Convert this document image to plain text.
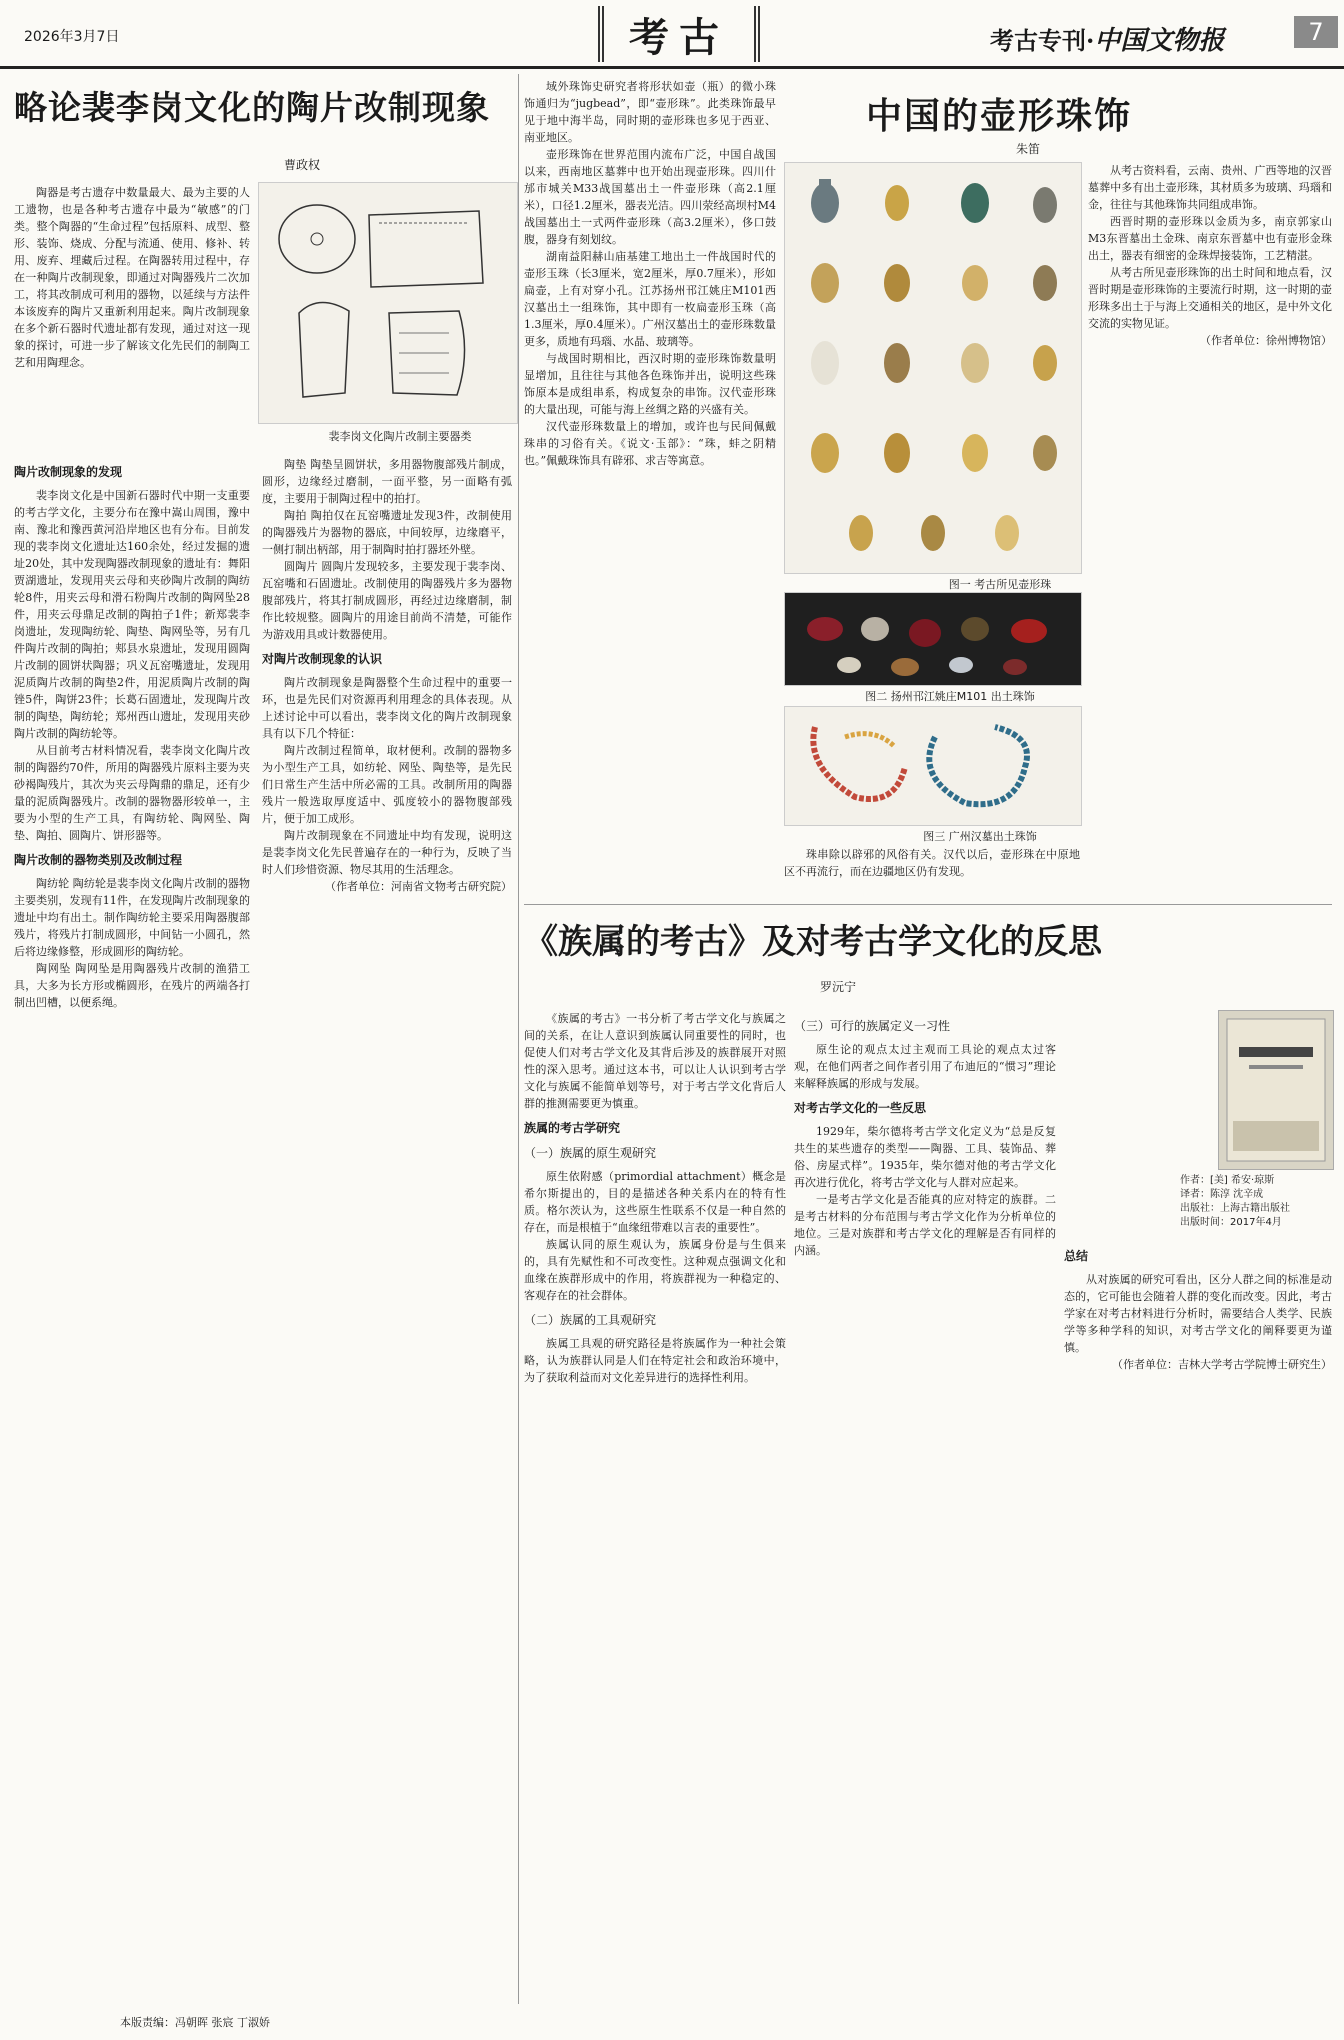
2026年3月7日	考古	考古专刊·中国文物报	7
略论裴李岗文化的陶片改制现象
曹政权

陶器是考古遗存中数量最大、最为主要的人工遗物，也是各种考古遗存中最为“敏感”的门类。整个陶器的“生命过程”包括原料、成型、整形、装饰、烧成、分配与流通、使用、修补、转用、废弃、埋藏后过程。在陶器转用过程中，存在一种陶片改制现象，即通过对陶器残片二次加工，将其改制成可利用的器物，以延续与方法件本该废弃的陶片又重新利用起来。陶片改制现象在多个新石器时代遗址都有发现，通过对这一现象的探讨，可进一步了解该文化先民们的制陶工艺和用陶理念。

裴李岗文化陶片改制主要器类
陶片改制现象的发现

裴李岗文化是中国新石器时代中期一支重要的考古学文化，主要分布在豫中嵩山周围，豫中南、豫北和豫西黄河沿岸地区也有分布。目前发现的裴李岗文化遗址达160余处，经过发掘的遗址20处，其中发现陶器改制现象的遗址有：舞阳贾湖遗址，发现用夹云母和夹砂陶片改制的陶纺轮8件，用夹云母和滑石粉陶片改制的陶网坠28件，用夹云母鼎足改制的陶拍子1件；新郑裴李岗遗址，发现陶纺轮、陶垫、陶网坠等，另有几件陶片改制的陶拍；郏县水泉遗址，发现用圆陶片改制的圆饼状陶器；巩义瓦窑嘴遗址，发现用泥质陶片改制的陶垫2件，用泥质陶片改制的陶锉5件，陶饼23件；长葛石固遗址，发现陶片改制的陶垫，陶纺轮；郑州西山遗址，发现用夹砂陶片改制的陶纺轮等。

从目前考古材料情况看，裴李岗文化陶片改制的陶器约70件，所用的陶器残片原料主要为夹砂褐陶残片，其次为夹云母陶鼎的鼎足，还有少量的泥质陶器残片。改制的器物器形较单一，主要为小型的生产工具，有陶纺轮、陶网坠、陶垫、陶拍、圆陶片、饼形器等。

陶片改制的器物类别及改制过程

陶纺轮 陶纺轮是裴李岗文化陶片改制的器物主要类别，发现有11件，在发现陶片改制现象的遗址中均有出土。制作陶纺轮主要采用陶器腹部残片，将残片打制成圆形，中间钻一小圆孔，然后将边缘修整，形成圆形的陶纺轮。

陶网坠 陶网坠是用陶器残片改制的渔猎工具，大多为长方形或椭圆形，在残片的两端各打制出凹槽，以便系绳。

陶垫 陶垫呈圆饼状，多用器物腹部残片制成，圆形，边缘经过磨制，一面平整，另一面略有弧度，主要用于制陶过程中的拍打。

陶拍 陶拍仅在瓦窑嘴遗址发现3件，改制使用的陶器残片为器物的器底，中间较厚，边缘磨平，一侧打制出柄部，用于制陶时拍打器坯外壁。

圆陶片 圆陶片发现较多，主要发现于裴李岗、瓦窑嘴和石固遗址。改制使用的陶器残片多为器物腹部残片，将其打制成圆形，再经过边缘磨制，制作比较规整。圆陶片的用途目前尚不清楚，可能作为游戏用具或计数器使用。

对陶片改制现象的认识

陶片改制现象是陶器整个生命过程中的重要一环，也是先民们对资源再利用理念的具体表现。从上述讨论中可以看出，裴李岗文化的陶片改制现象具有以下几个特征：

陶片改制过程简单，取材便利。改制的器物多为小型生产工具，如纺轮、网坠、陶垫等，是先民们日常生产生活中所必需的工具。改制所用的陶器残片一般选取厚度适中、弧度较小的器物腹部残片，便于加工成形。

陶片改制现象在不同遗址中均有发现，说明这是裴李岗文化先民普遍存在的一种行为，反映了当时人们珍惜资源、物尽其用的生活理念。

（作者单位：河南省文物考古研究院）

域外珠饰史研究者将形状如壶（瓶）的微小珠饰通归为“jugbead”，即“壶形珠”。此类珠饰最早见于地中海半岛，同时期的壶形珠也多见于西亚、南亚地区。

壶形珠饰在世界范围内流布广泛，中国自战国以来，西南地区墓葬中也开始出现壶形珠。四川什邡市城关M33战国墓出土一件壶形珠（高2.1厘米），口径1.2厘米，器表光洁。四川荥经高坝村M4战国墓出土一式两件壶形珠（高3.2厘米），侈口鼓腹，器身有刻划纹。

湖南益阳赫山庙基建工地出土一件战国时代的壶形玉珠（长3厘米，宽2厘米，厚0.7厘米），形如扁壶，上有对穿小孔。江苏扬州邗江姚庄M101西汉墓出土一组珠饰，其中即有一枚扁壶形玉珠（高1.3厘米，厚0.4厘米）。广州汉墓出土的壶形珠数量更多，质地有玛瑙、水晶、玻璃等。

与战国时期相比，西汉时期的壶形珠饰数量明显增加，且往往与其他各色珠饰并出，说明这些珠饰原本是成组串系，构成复杂的串饰。汉代壶形珠的大量出现，可能与海上丝绸之路的兴盛有关。

汉代壶形珠数量上的增加，或许也与民间佩戴珠串的习俗有关。《说文·玉部》：“珠，蚌之阴精也。”佩戴珠饰具有辟邪、求吉等寓意。

中国的壶形珠饰
朱笛
图一 考古所见壶形珠
图二 扬州邗江姚庄M101 出土珠饰
图三 广州汉墓出土珠饰

珠串除以辟邪的风俗有关。汉代以后，壶形珠在中原地区不再流行，而在边疆地区仍有发现。

从考古资料看，云南、贵州、广西等地的汉晋墓葬中多有出土壶形珠，其材质多为玻璃、玛瑙和金，往往与其他珠饰共同组成串饰。

西晋时期的壶形珠以金质为多，南京郭家山M3东晋墓出土金珠、南京东晋墓中也有壶形金珠出土，器表有细密的金珠焊接装饰，工艺精湛。

从考古所见壶形珠饰的出土时间和地点看，汉晋时期是壶形珠饰的主要流行时期，这一时期的壶形珠多出土于与海上交通相关的地区，是中外文化交流的实物见证。

（作者单位：徐州博物馆）
《族属的考古》及对考古学文化的反思
罗沅宁

《族属的考古》一书分析了考古学文化与族属之间的关系，在让人意识到族属认同重要性的同时，也促使人们对考古学文化及其背后涉及的族群展开对照性的深入思考。通过这本书，可以让人认识到考古学文化与族属不能简单划等号，对于考古学文化背后人群的推测需要更为慎重。

族属的考古学研究
（一）族属的原生观研究

原生依附感（primordial attachment）概念是希尔斯提出的，目的是描述各种关系内在的特有性质。格尔茨认为，这些原生性联系不仅是一种自然的存在，而是根植于“血缘纽带难以言表的重要性”。

族属认同的原生观认为，族属身份是与生俱来的，具有先赋性和不可改变性。这种观点强调文化和血缘在族群形成中的作用，将族群视为一种稳定的、客观存在的社会群体。

（二）族属的工具观研究

族属工具观的研究路径是将族属作为一种社会策略，认为族群认同是人们在特定社会和政治环境中，为了获取利益而对文化差异进行的选择性利用。

（三）可行的族属定义一习性

原生论的观点太过主观而工具论的观点太过客观，在他们两者之间作者引用了布迪厄的“惯习”理论来解释族属的形成与发展。

对考古学文化的一些反思

1929年，柴尔德将考古学文化定义为“总是反复共生的某些遗存的类型——陶器、工具、装饰品、葬俗、房屋式样”。1935年，柴尔德对他的考古学文化再次进行优化，将考古学文化与人群对应起来。

一是考古学文化是否能真的应对特定的族群。二是考古材料的分布范围与考古学文化作为分析单位的地位。三是对族群和考古学文化的理解是否有同样的内涵。

作者：[美] 希安·琼斯
译者：陈淳 沈辛成
出版社：上海古籍出版社
出版时间：2017年4月
总结

从对族属的研究可看出，区分人群之间的标准是动态的，它可能也会随着人群的变化而改变。因此，考古学家在对考古材料进行分析时，需要结合人类学、民族学等多种学科的知识，对考古学文化的阐释要更为谨慎。

（作者单位：吉林大学考古学院博士研究生）
本版责编：冯朝晖 张宸 丁淑娇
